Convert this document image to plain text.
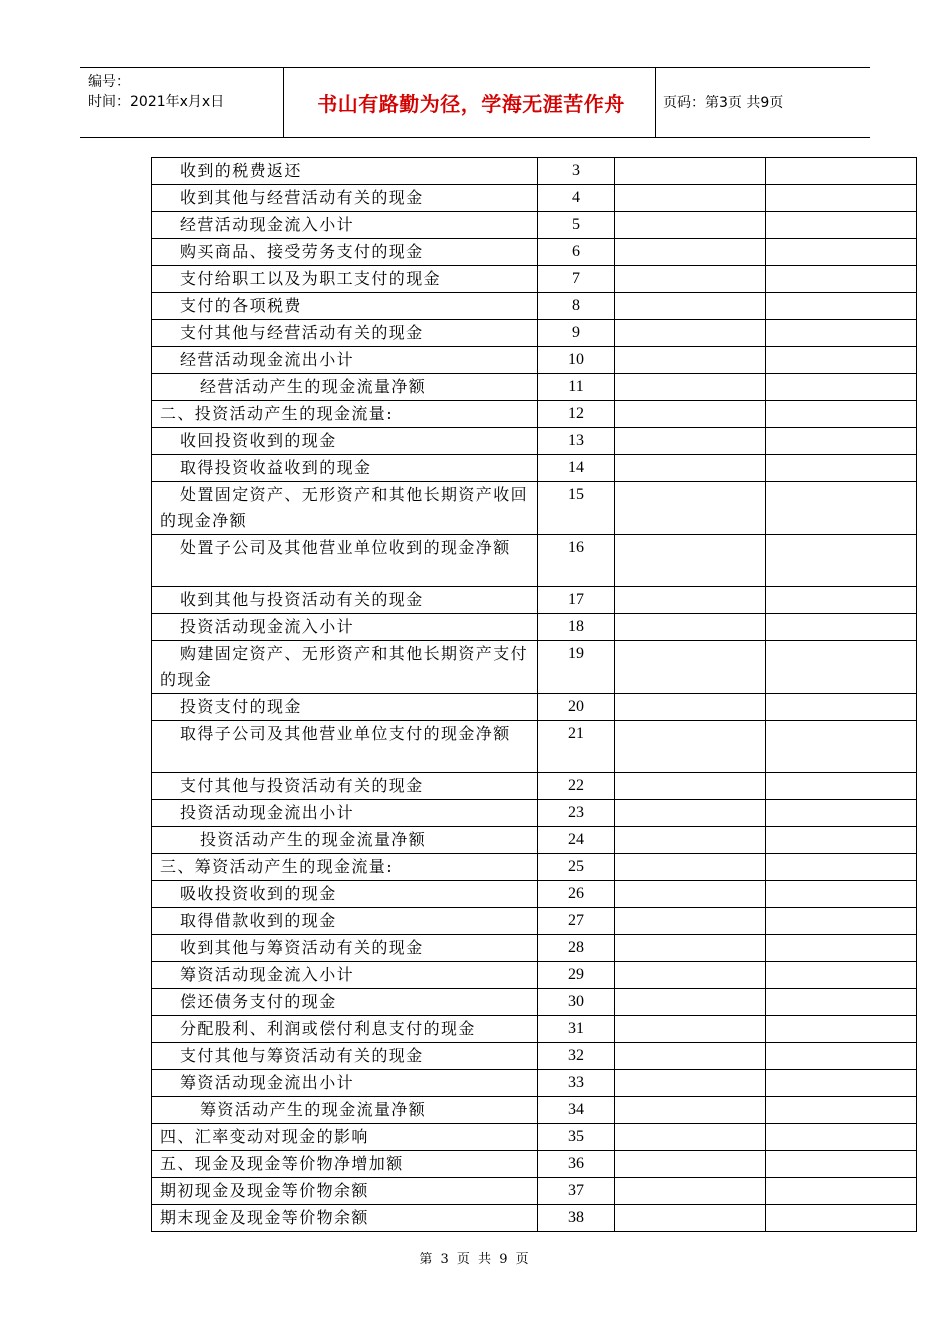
编号：
时间：2021年x月x日	书山有路勤为径，学海无涯苦作舟	页码：第3页 共9页
收到的税费返还	3		
收到其他与经营活动有关的现金	4		
经营活动现金流入小计	5		
购买商品、接受劳务支付的现金	6		
支付给职工以及为职工支付的现金	7		
支付的各项税费	8		
支付其他与经营活动有关的现金	9		
经营活动现金流出小计	10		
经营活动产生的现金流量净额	11		
二、投资活动产生的现金流量:	12		
收回投资收到的现金	13		
取得投资收益收到的现金	14		
处置固定资产、无形资产和其他长期资产收回的现金净额	15		
处置子公司及其他营业单位收到的现金净额	16		
收到其他与投资活动有关的现金	17		
投资活动现金流入小计	18		
购建固定资产、无形资产和其他长期资产支付的现金	19		
投资支付的现金	20		
取得子公司及其他营业单位支付的现金净额	21		
支付其他与投资活动有关的现金	22		
投资活动现金流出小计	23		
投资活动产生的现金流量净额	24		
三、筹资活动产生的现金流量:	25		
吸收投资收到的现金	26		
取得借款收到的现金	27		
收到其他与筹资活动有关的现金	28		
筹资活动现金流入小计	29		
偿还债务支付的现金	30		
分配股利、利润或偿付利息支付的现金	31		
支付其他与筹资活动有关的现金	32		
筹资活动现金流出小计	33		
筹资活动产生的现金流量净额	34		
四、汇率变动对现金的影响	35		
五、现金及现金等价物净增加额	36		
期初现金及现金等价物余额	37		
期末现金及现金等价物余额	38		
第 3 页 共 9 页
